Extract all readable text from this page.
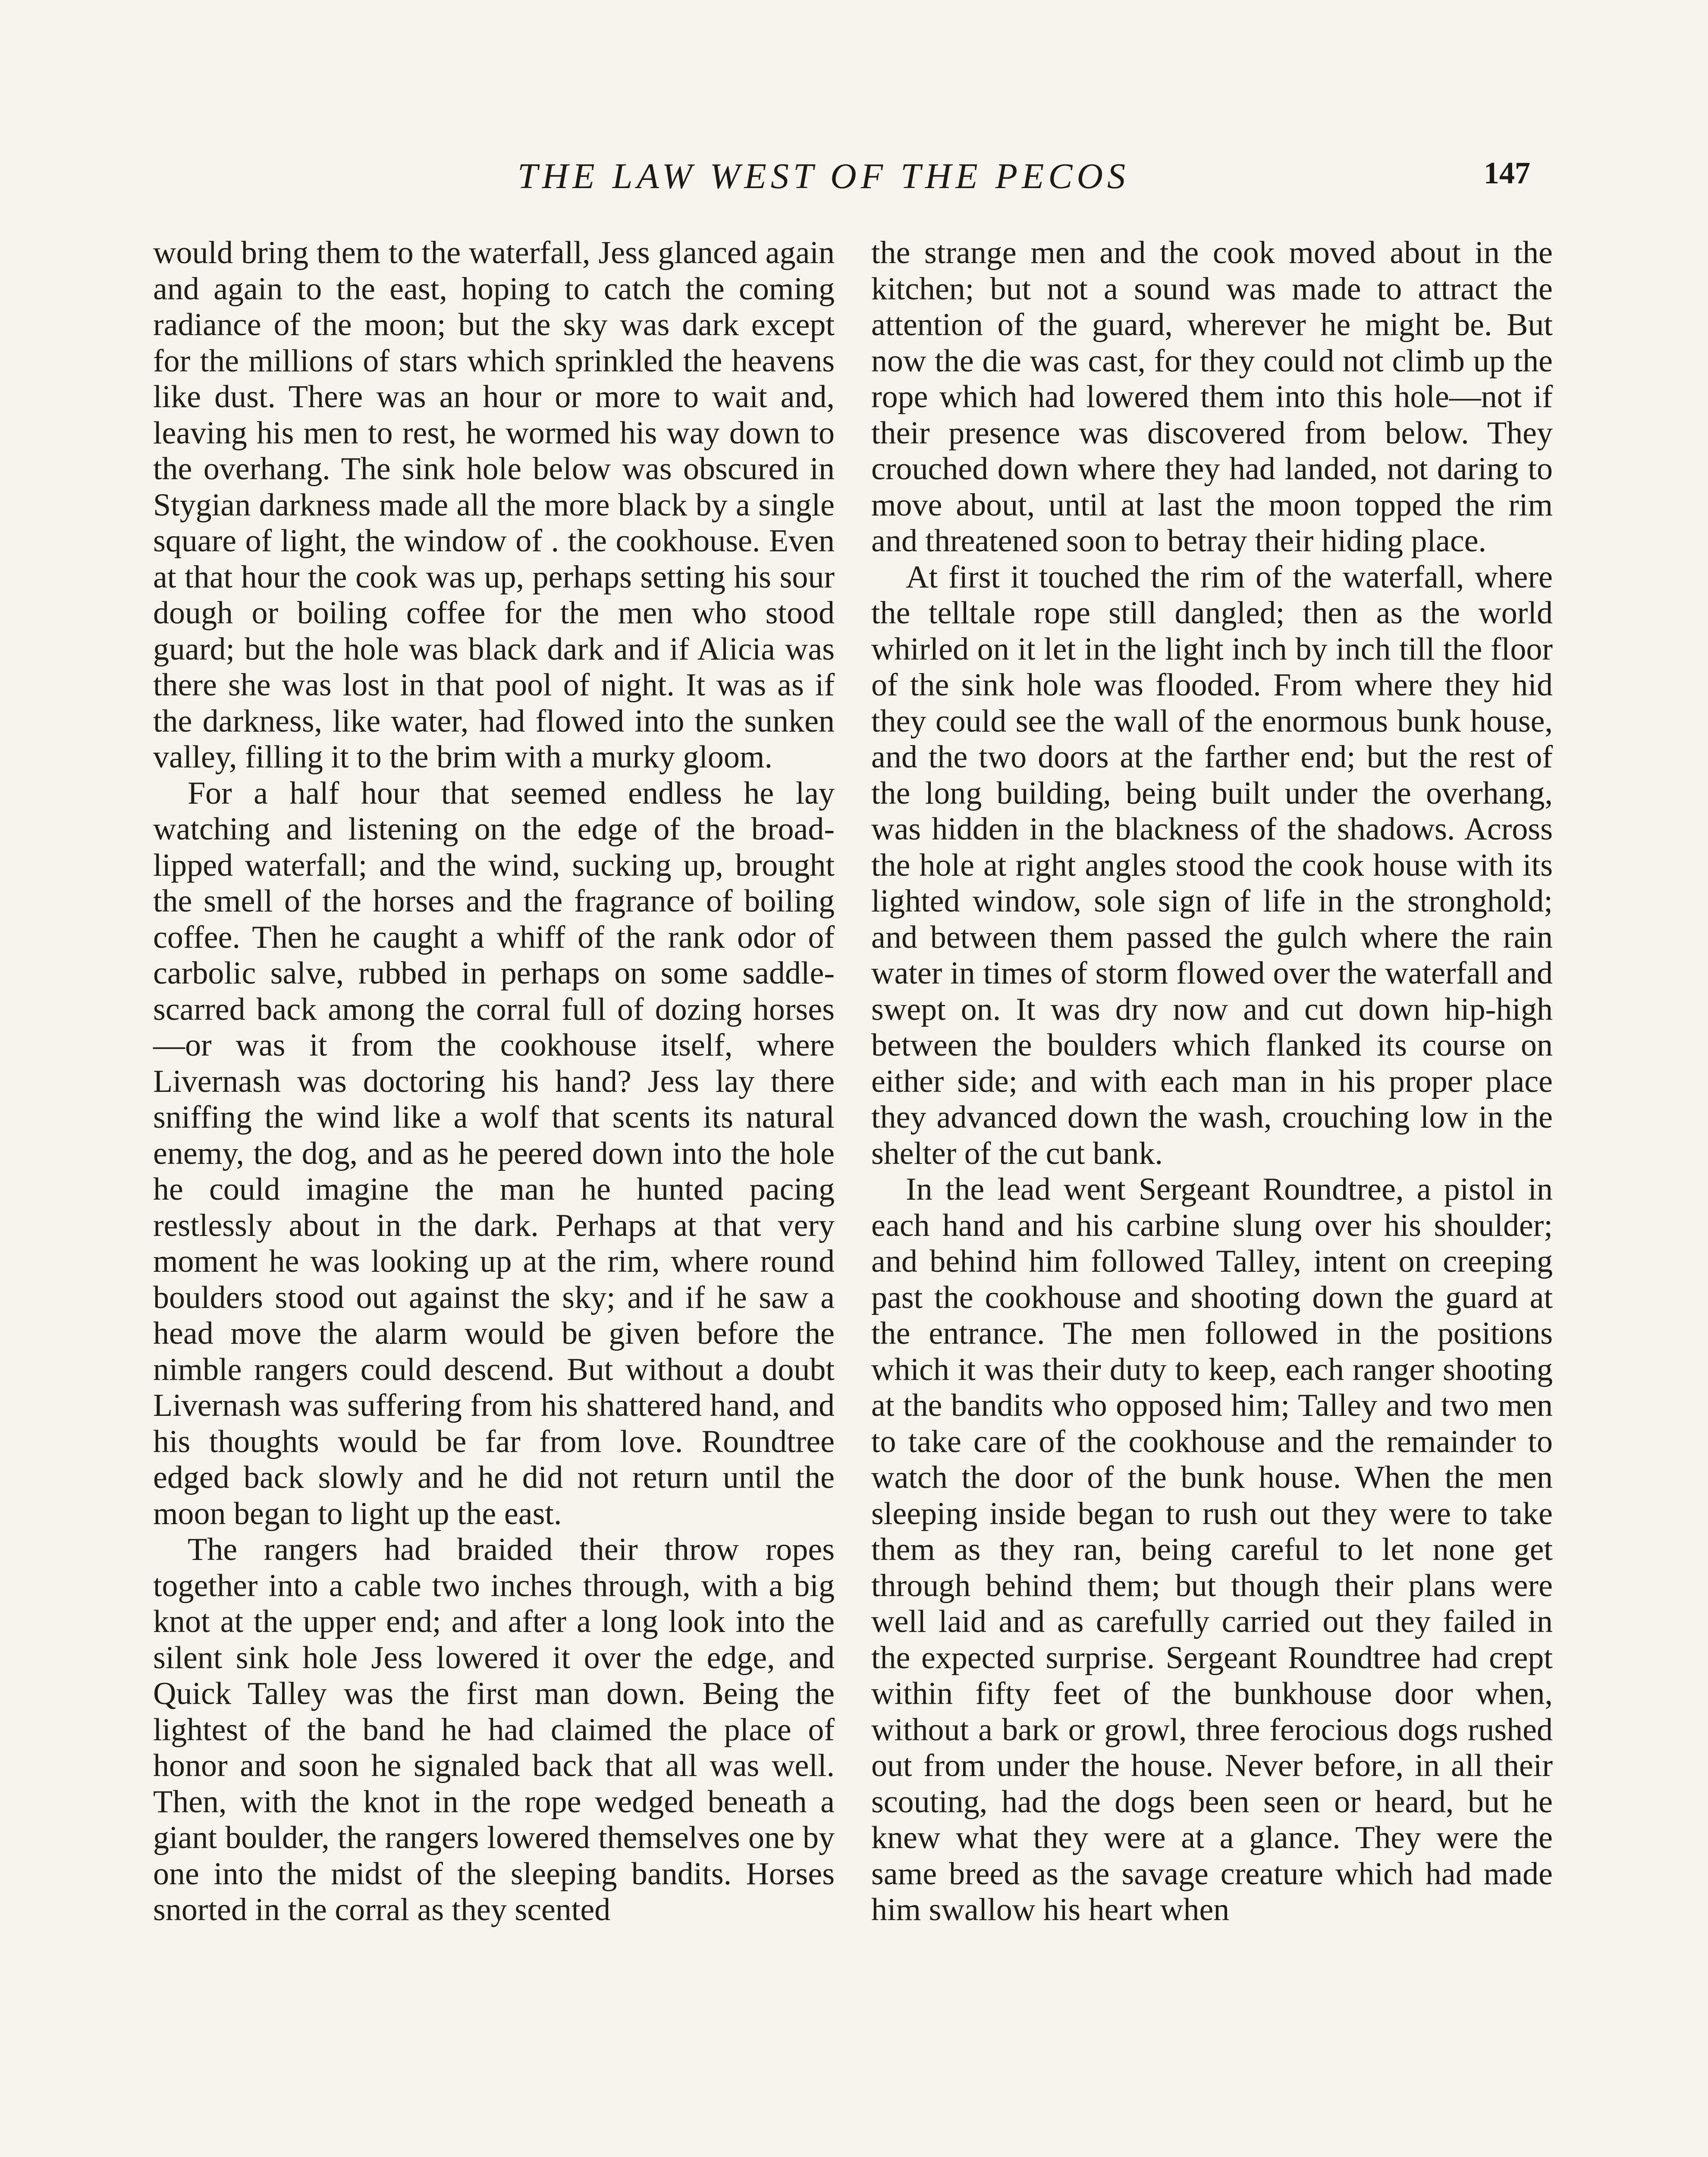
THE LAW WEST OF THE PECOS	147

would bring them to the waterfall, Jess glanced again and again to the east, hoping to catch the coming radiance of the moon; but the sky was dark except for the millions of stars which sprinkled the heavens like dust. There was an hour or more to wait and, leaving his men to rest, he wormed his way down to the overhang. The sink hole below was obscured in Stygian darkness made all the more black by a single square of light, the window of . the cookhouse. Even at that hour the cook was up, perhaps setting his sour dough or boiling coffee for the men who stood guard; but the hole was black dark and if Alicia was there she was lost in that pool of night. It was as if the darkness, like water, had flowed into the sunken valley, filling it to the brim with a murky gloom.

For a half hour that seemed endless he lay watching and listening on the edge of the broad-lipped waterfall; and the wind, sucking up, brought the smell of the horses and the fragrance of boiling coffee. Then he caught a whiff of the rank odor of carbolic salve, rubbed in perhaps on some saddle-scarred back among the corral full of dozing horses—or was it from the cookhouse itself, where Livernash was doctoring his hand? Jess lay there sniffing the wind like a wolf that scents its natural enemy, the dog, and as he peered down into the hole he could imagine the man he hunted pacing restlessly about in the dark. Perhaps at that very moment he was looking up at the rim, where round boulders stood out against the sky; and if he saw a head move the alarm would be given before the nimble rangers could descend. But without a doubt Livernash was suffering from his shattered hand, and his thoughts would be far from love. Roundtree edged back slowly and he did not return until the moon began to light up the east.

The rangers had braided their throw ropes together into a cable two inches through, with a big knot at the upper end; and after a long look into the silent sink hole Jess lowered it over the edge, and Quick Talley was the first man down. Being the lightest of the band he had claimed the place of honor and soon he signaled back that all was well. Then, with the knot in the rope wedged beneath a giant boulder, the rangers lowered themselves one by one into the midst of the sleeping bandits. Horses snorted in the corral as they scented

the strange men and the cook moved about in the kitchen; but not a sound was made to attract the attention of the guard, wherever he might be. But now the die was cast, for they could not climb up the rope which had lowered them into this hole—not if their presence was discovered from below. They crouched down where they had landed, not daring to move about, until at last the moon topped the rim and threatened soon to betray their hiding place.

At first it touched the rim of the waterfall, where the telltale rope still dangled; then as the world whirled on it let in the light inch by inch till the floor of the sink hole was flooded. From where they hid they could see the wall of the enormous bunk house, and the two doors at the farther end; but the rest of the long building, being built under the overhang, was hidden in the blackness of the shadows. Across the hole at right angles stood the cook house with its lighted window, sole sign of life in the stronghold; and between them passed the gulch where the rain water in times of storm flowed over the waterfall and swept on. It was dry now and cut down hip-high between the boulders which flanked its course on either side; and with each man in his proper place they advanced down the wash, crouching low in the shelter of the cut bank.

In the lead went Sergeant Roundtree, a pistol in each hand and his carbine slung over his shoulder; and behind him followed Talley, intent on creeping past the cookhouse and shooting down the guard at the entrance. The men followed in the positions which it was their duty to keep, each ranger shooting at the bandits who opposed him; Talley and two men to take care of the cookhouse and the remainder to watch the door of the bunk house. When the men sleeping inside began to rush out they were to take them as they ran, being careful to let none get through behind them; but though their plans were well laid and as carefully carried out they failed in the expected surprise. Sergeant Roundtree had crept within fifty feet of the bunkhouse door when, without a bark or growl, three ferocious dogs rushed out from under the house. Never before, in all their scouting, had the dogs been seen or heard, but he knew what they were at a glance. They were the same breed as the savage creature which had made him swallow his heart when
